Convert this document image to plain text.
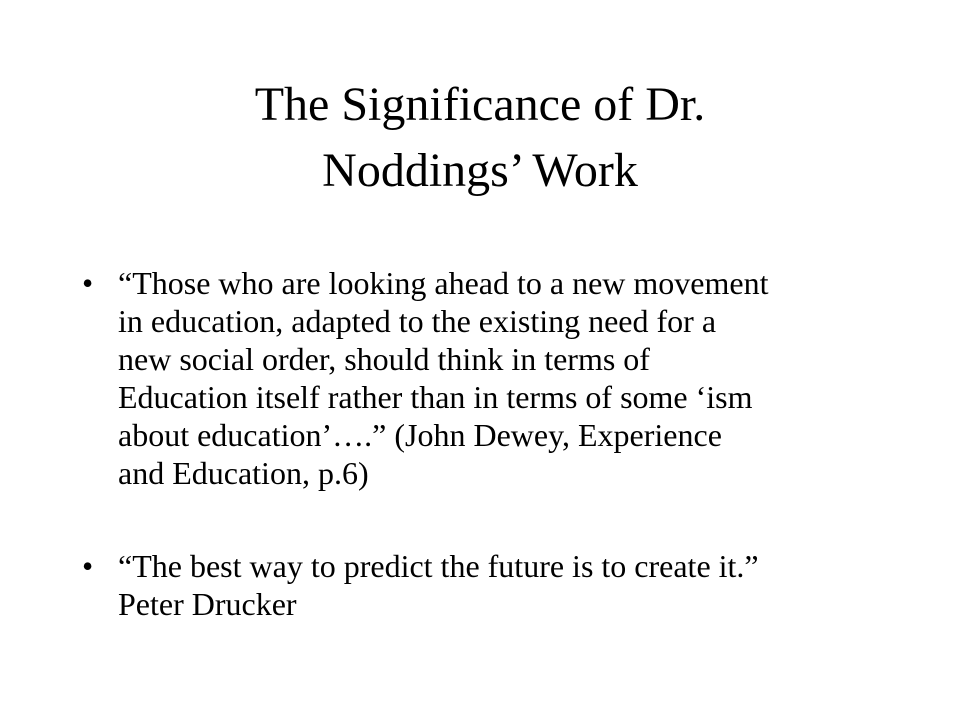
The Significance of Dr.
Noddings’ Work
• “Those who are looking ahead to a new movement
in education, adapted to the existing need for a
new social order, should think in terms of
Education itself rather than in terms of some ‘ism
about education’….” (John Dewey, Experience
and Education, p.6)
• “The best way to predict the future is to create it.”
Peter Drucker
